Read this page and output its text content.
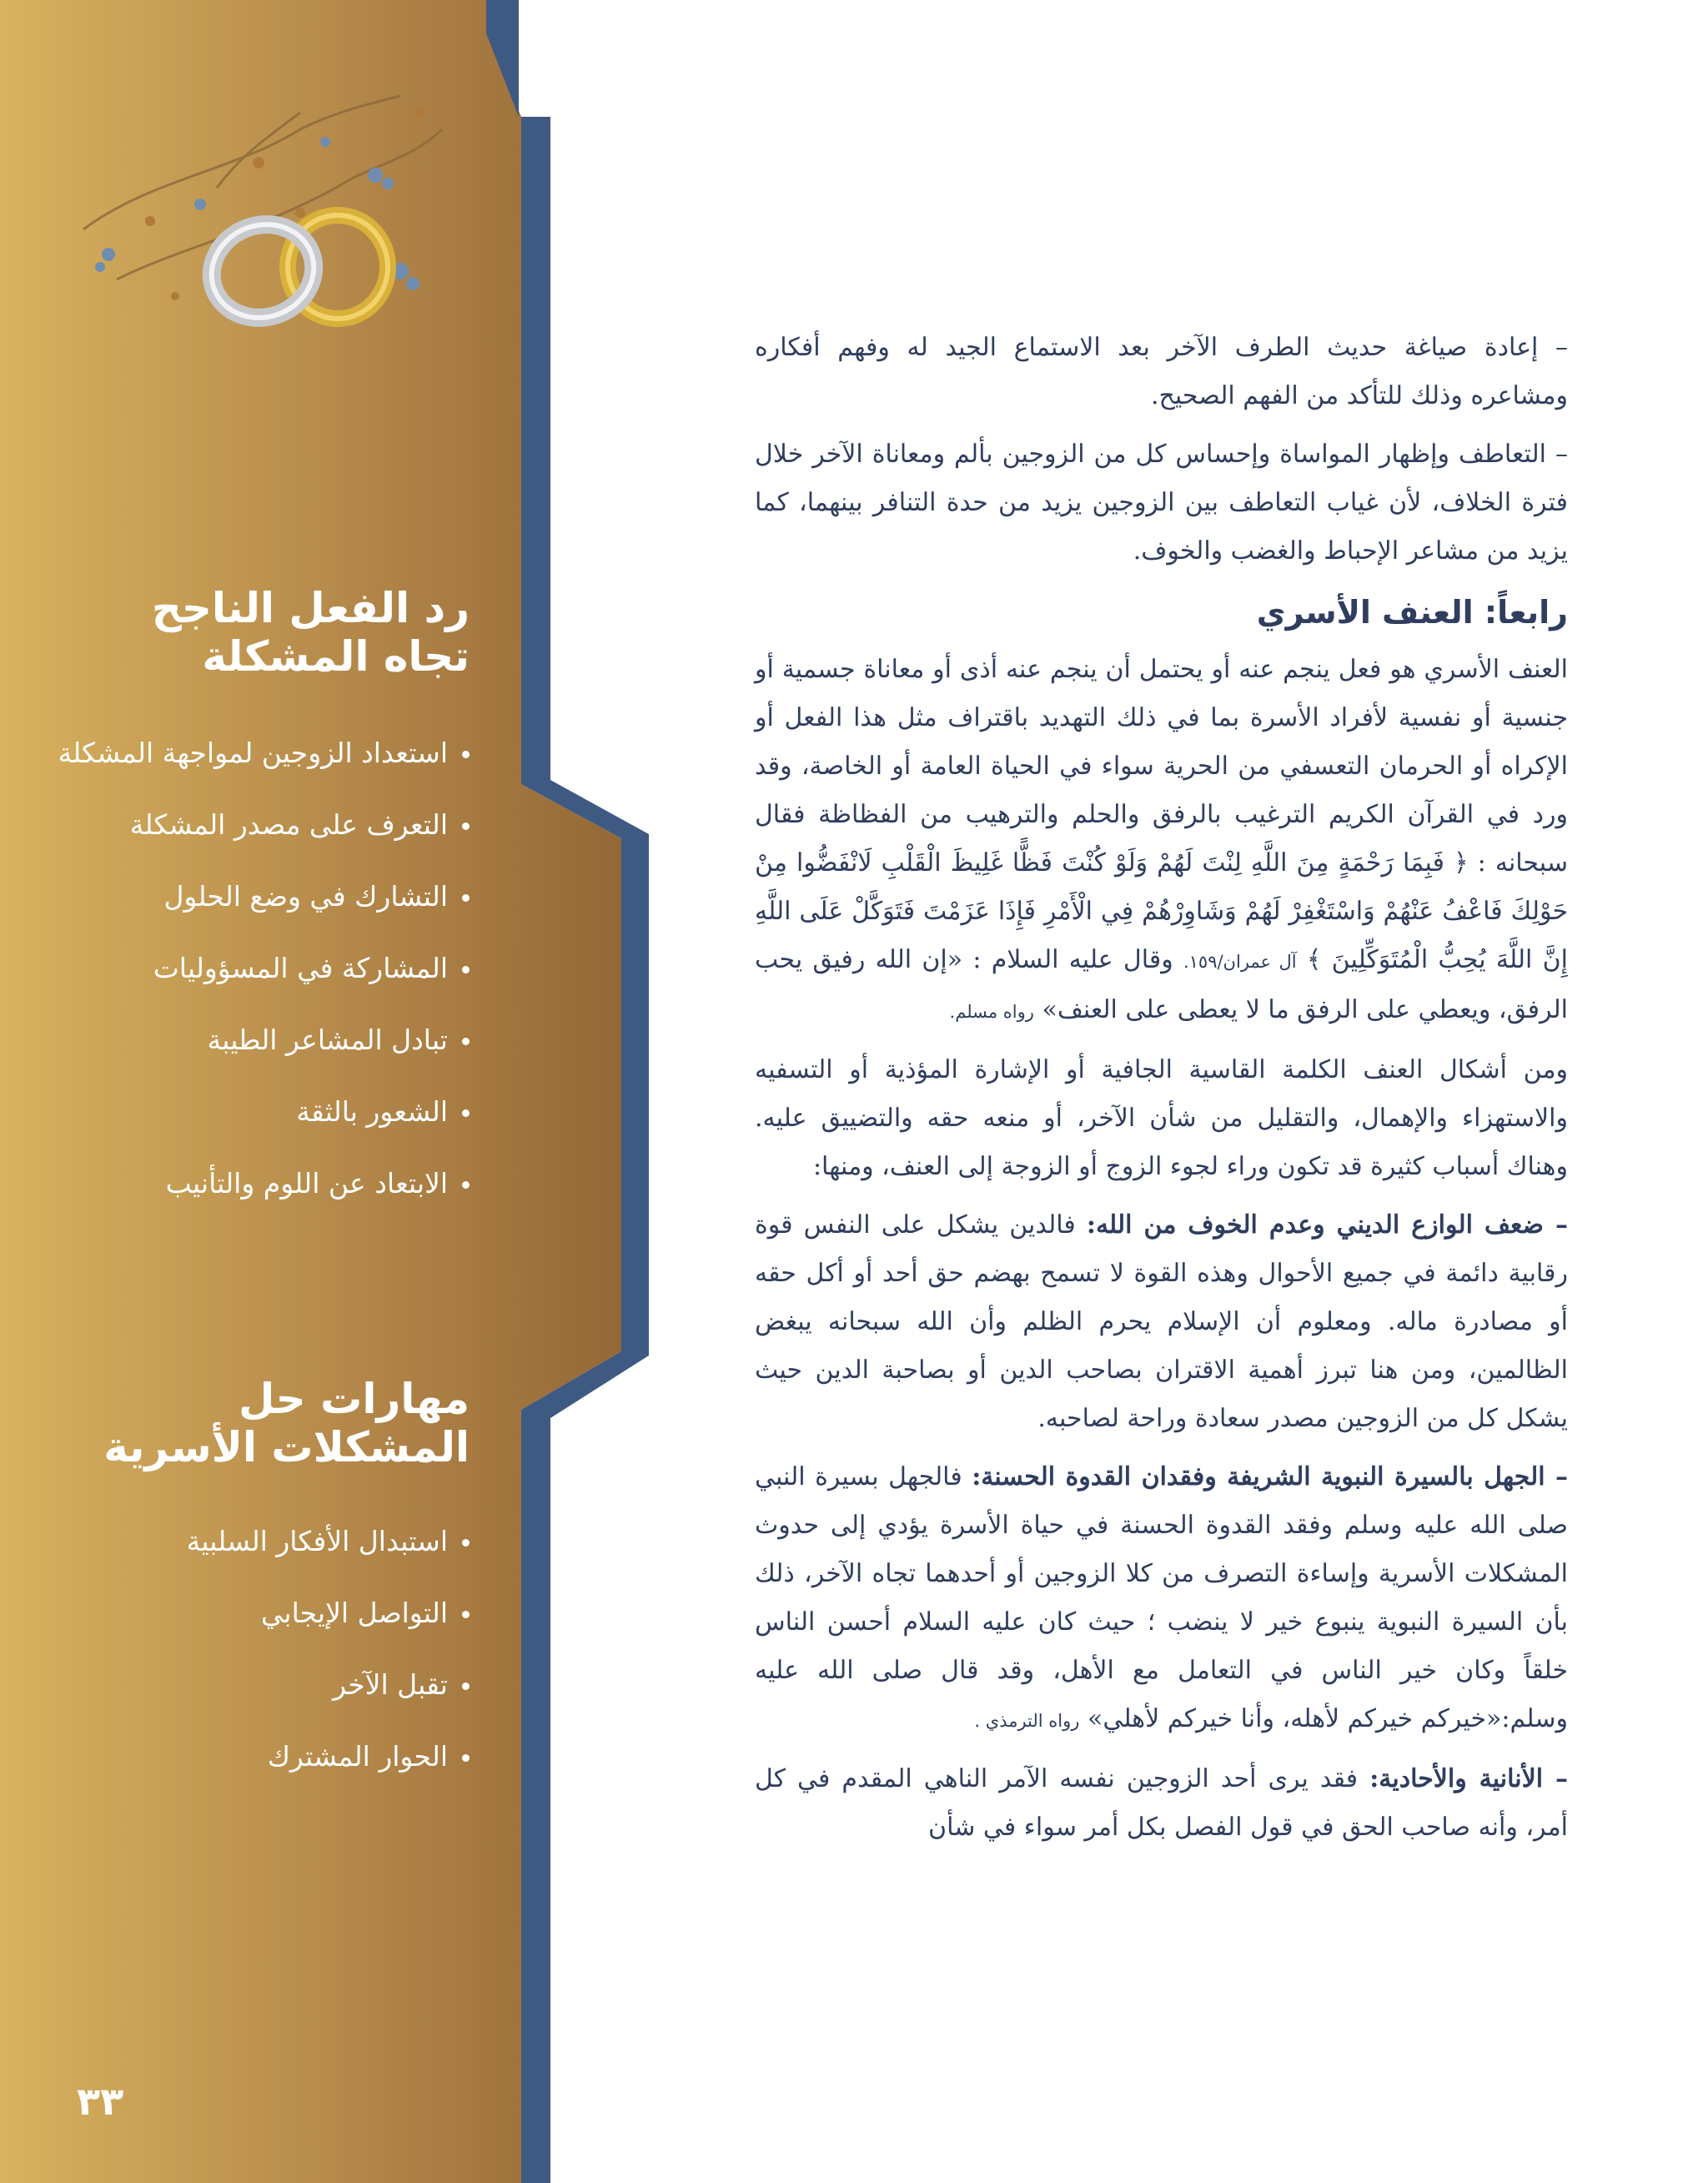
رد الفعل الناجح
تجاه المشكلة
استعداد الزوجين لمواجهة المشكلة
التعرف على مصدر المشكلة
التشارك في وضع الحلول
المشاركة في المسؤوليات
تبادل المشاعر الطيبة
الشعور بالثقة
الابتعاد عن اللوم والتأنيب
مهارات حل
المشكلات الأسرية
استبدال الأفكار السلبية
التواصل الإيجابي
تقبل الآخر
الحوار المشترك
٣٣

– إعادة صياغة حديث الطرف الآخر بعد الاستماع الجيد له وفهم أفكاره ومشاعره وذلك للتأكد من الفهم الصحيح.

– التعاطف وإظهار المواساة وإحساس كل من الزوجين بألم ومعاناة الآخر خلال فترة الخلاف، لأن غياب التعاطف بين الزوجين يزيد من حدة التنافر بينهما، كما يزيد من مشاعر الإحباط والغضب والخوف.

رابعاً: العنف الأسري

العنف الأسري هو فعل ينجم عنه أو يحتمل أن ينجم عنه أذى أو معاناة جسمية أو جنسية أو نفسية لأفراد الأسرة بما في ذلك التهديد باقتراف مثل هذا الفعل أو الإكراه أو الحرمان التعسفي من الحرية سواء في الحياة العامة أو الخاصة، وقد ورد في القرآن الكريم الترغيب بالرفق والحلم والترهيب من الفظاظة فقال سبحانه : ﴿ فَبِمَا رَحْمَةٍ مِنَ اللَّهِ لِنْتَ لَهُمْ وَلَوْ كُنْتَ فَظًّا غَلِيظَ الْقَلْبِ لَانْفَضُّوا مِنْ حَوْلِكَ فَاعْفُ عَنْهُمْ وَاسْتَغْفِرْ لَهُمْ وَشَاوِرْهُمْ فِي الْأَمْرِ فَإِذَا عَزَمْتَ فَتَوَكَّلْ عَلَى اللَّهِ إِنَّ اللَّهَ يُحِبُّ الْمُتَوَكِّلِينَ ﴾ آل عمران/١٥٩. وقال عليه السلام : «إن الله رفيق يحب الرفق، ويعطي على الرفق ما لا يعطى على العنف» رواه مسلم.

ومن أشكال العنف الكلمة القاسية الجافية أو الإشارة المؤذية أو التسفيه والاستهزاء والإهمال، والتقليل من شأن الآخر، أو منعه حقه والتضييق عليه. وهناك أسباب كثيرة قد تكون وراء لجوء الزوج أو الزوجة إلى العنف، ومنها:

– ضعف الوازع الديني وعدم الخوف من الله: فالدين يشكل على النفس قوة رقابية دائمة في جميع الأحوال وهذه القوة لا تسمح بهضم حق أحد أو أكل حقه أو مصادرة ماله. ومعلوم أن الإسلام يحرم الظلم وأن الله سبحانه يبغض الظالمين، ومن هنا تبرز أهمية الاقتران بصاحب الدين أو بصاحبة الدين حيث يشكل كل من الزوجين مصدر سعادة وراحة لصاحبه.

– الجهل بالسيرة النبوية الشريفة وفقدان القدوة الحسنة: فالجهل بسيرة النبي صلى الله عليه وسلم وفقد القدوة الحسنة في حياة الأسرة يؤدي إلى حدوث المشكلات الأسرية وإساءة التصرف من كلا الزوجين أو أحدهما تجاه الآخر، ذلك بأن السيرة النبوية ينبوع خير لا ينضب ؛ حيث كان عليه السلام أحسن الناس خلقاً وكان خير الناس في التعامل مع الأهل، وقد قال صلى الله عليه وسلم:«خيركم خيركم لأهله، وأنا خيركم لأهلي» رواه الترمذي .

– الأنانية والأحادية: فقد يرى أحد الزوجين نفسه الآمر الناهي المقدم في كل أمر، وأنه صاحب الحق في قول الفصل بكل أمر سواء في شأن
